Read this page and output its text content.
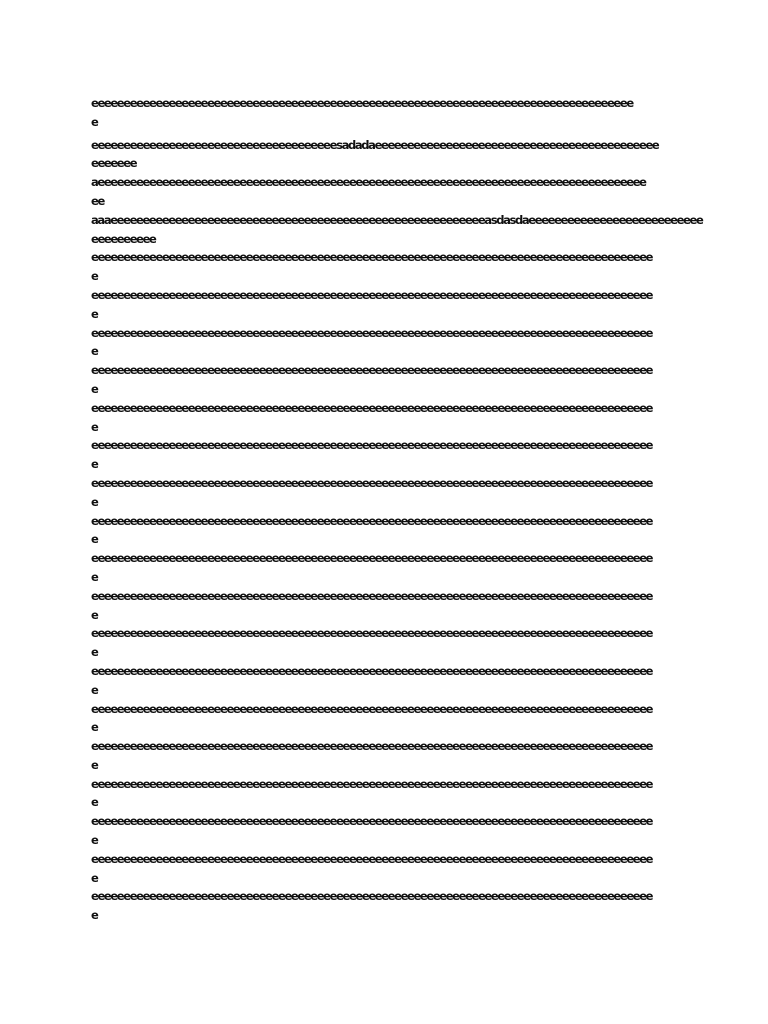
eeeeeeeeeeeeeeeeeeeeeeeeeeeeeeeeeeeeeeeeeeeeeeeeeeeeeeeeeeeeeeeeeeeeeeeeeeeeeeeeeeee
e

eeeeeeeeeeeeeeeeeeeeeeeeeeeeeeeeeeeeeesadadaeeeeeeeeeeeeeeeeeeeeeeeeeeeeeeeeeeeeeeeeeeee
eeeeeee

aeeeeeeeeeeeeeeeeeeeeeeeeeeeeeeeeeeeeeeeeeeeeeeeeeeeeeeeeeeeeeeeeeeeeeeeeeeeeeeeeeeeee
ee

aaaeeeeeeeeeeeeeeeeeeeeeeeeeeeeeeeeeeeeeeeeeeeeeeeeeeeeeeeeeeasdasdaeeeeeeeeeeeeeeeeeeeeeeeeeee
eeeeeeeeee

eeeeeeeeeeeeeeeeeeeeeeeeeeeeeeeeeeeeeeeeeeeeeeeeeeeeeeeeeeeeeeeeeeeeeeeeeeeeeeeeeeeeeee
e

eeeeeeeeeeeeeeeeeeeeeeeeeeeeeeeeeeeeeeeeeeeeeeeeeeeeeeeeeeeeeeeeeeeeeeeeeeeeeeeeeeeeeee
e

eeeeeeeeeeeeeeeeeeeeeeeeeeeeeeeeeeeeeeeeeeeeeeeeeeeeeeeeeeeeeeeeeeeeeeeeeeeeeeeeeeeeeee
e

eeeeeeeeeeeeeeeeeeeeeeeeeeeeeeeeeeeeeeeeeeeeeeeeeeeeeeeeeeeeeeeeeeeeeeeeeeeeeeeeeeeeeee
e

eeeeeeeeeeeeeeeeeeeeeeeeeeeeeeeeeeeeeeeeeeeeeeeeeeeeeeeeeeeeeeeeeeeeeeeeeeeeeeeeeeeeeee
e

eeeeeeeeeeeeeeeeeeeeeeeeeeeeeeeeeeeeeeeeeeeeeeeeeeeeeeeeeeeeeeeeeeeeeeeeeeeeeeeeeeeeeee
e

eeeeeeeeeeeeeeeeeeeeeeeeeeeeeeeeeeeeeeeeeeeeeeeeeeeeeeeeeeeeeeeeeeeeeeeeeeeeeeeeeeeeeee
e

eeeeeeeeeeeeeeeeeeeeeeeeeeeeeeeeeeeeeeeeeeeeeeeeeeeeeeeeeeeeeeeeeeeeeeeeeeeeeeeeeeeeeee
e

eeeeeeeeeeeeeeeeeeeeeeeeeeeeeeeeeeeeeeeeeeeeeeeeeeeeeeeeeeeeeeeeeeeeeeeeeeeeeeeeeeeeeee
e

eeeeeeeeeeeeeeeeeeeeeeeeeeeeeeeeeeeeeeeeeeeeeeeeeeeeeeeeeeeeeeeeeeeeeeeeeeeeeeeeeeeeeee
e

eeeeeeeeeeeeeeeeeeeeeeeeeeeeeeeeeeeeeeeeeeeeeeeeeeeeeeeeeeeeeeeeeeeeeeeeeeeeeeeeeeeeeee
e

eeeeeeeeeeeeeeeeeeeeeeeeeeeeeeeeeeeeeeeeeeeeeeeeeeeeeeeeeeeeeeeeeeeeeeeeeeeeeeeeeeeeeee
e

eeeeeeeeeeeeeeeeeeeeeeeeeeeeeeeeeeeeeeeeeeeeeeeeeeeeeeeeeeeeeeeeeeeeeeeeeeeeeeeeeeeeeee
e

eeeeeeeeeeeeeeeeeeeeeeeeeeeeeeeeeeeeeeeeeeeeeeeeeeeeeeeeeeeeeeeeeeeeeeeeeeeeeeeeeeeeeee
e

eeeeeeeeeeeeeeeeeeeeeeeeeeeeeeeeeeeeeeeeeeeeeeeeeeeeeeeeeeeeeeeeeeeeeeeeeeeeeeeeeeeeeee
e

eeeeeeeeeeeeeeeeeeeeeeeeeeeeeeeeeeeeeeeeeeeeeeeeeeeeeeeeeeeeeeeeeeeeeeeeeeeeeeeeeeeeeee
e

eeeeeeeeeeeeeeeeeeeeeeeeeeeeeeeeeeeeeeeeeeeeeeeeeeeeeeeeeeeeeeeeeeeeeeeeeeeeeeeeeeeeeee
e

eeeeeeeeeeeeeeeeeeeeeeeeeeeeeeeeeeeeeeeeeeeeeeeeeeeeeeeeeeeeeeeeeeeeeeeeeeeeeeeeeeeeeee
e
